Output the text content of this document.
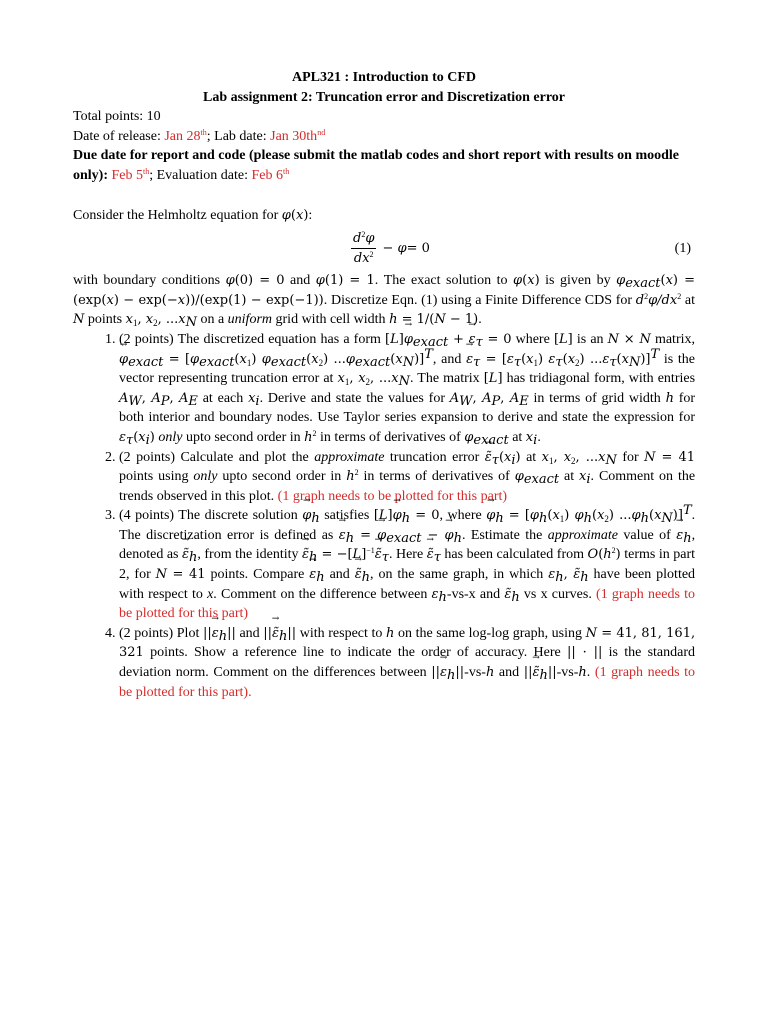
APL321 : Introduction to CFD
Lab assignment 2: Truncation error and Discretization error
Total points: 10
Date of release: Jan 28th; Lab date: Jan $30th^{nd}$
Due date for report and code (please submit the matlab codes and short report with results on moodle only): Feb 5th; Evaluation date: Feb 6th
Consider the Helmholtz equation for φ(x):
$\frac{d^2\varphi}{dx^2} - \varphi = 0$	(1)
with boundary conditions φ(0) = 0 and φ(1) = 1. The exact solution to φ(x) is given by $\varphi_{exact}(x) = (\exp(x) - \exp(-x))/(\exp(1) - \exp(-1))$. Discretize Eqn. (1) using a Finite Difference CDS for $d^2\varphi/dx^2$ at N points $x_1$, $x_2$, $...x_N$ on a uniform grid with cell width h = 1/(N − 1).
1. (2 points) The discretized equation has a form $[L]\to \varphi_{exact}$ + → $\varepsilon_\tau = 0$ where [L] is an N × N matrix, → $\varphi_{exact} = [\varphi_{exact}(x_1)$ $\varphi_{exact}(x_2)$ $...\varphi_{exact}(x_N)]^T$, and → $\varepsilon_\tau = [\varepsilon_\tau(x_1)$ $\varepsilon_\tau(x_2)$ $...\varepsilon_\tau(x_N)]^T$ is the vector representing truncation error at $x_1$, $x_2$, $...x_N$. The matrix [L] has tridiagonal form, with entries $A_W$, $A_P$, $A_E$ at each $x_i$. Derive and state the values for $A_W$, $A_P$, $A_E$ in terms of grid width h for both interior and boundary nodes. Use Taylor series expansion to derive and state the expression for $\varepsilon_\tau(x_i)$ only upto second order in $h^2$ in terms of derivatives of $\varphi_{exact}$ at $x_i$.
2. (2 points) Calculate and plot the approximate truncation error → $\varepsiloñ_\tau(x_i)$ at $x_1$, $x_2$, $...x_N$ for N = 41 points using only upto second order in $h^2$ in terms of derivatives of $\varphi_{exact}$ at $x_i$. Comment on the trends observed in this plot. (1 graph needs to be plotted for this part)
3. (4 points) The discrete solution → $\varphi_h$ satisfies $[L]\to \varphi_h = 0$, where → $\varphi_h = [\varphi_h(x_1)$ $\varphi_h(x_2)$ $...\varphi_h(x_N)]^T$. The discretization error is defined as → $\varepsilon_h$ = → $\varphi_{exact}$ − → $\varphi_h$. Estimate the approximate value of → $\varepsilon_h$, denoted as → $\varepsiloñ_h$, from the identity → $\varepsiloñ_h = -[L]^{-1}\to$ $\varepsiloñ_\tau$. Here → $\varepsiloñ_\tau$ has been calculated from $O(h^2)$ terms in part 2, for N = 41 points. Compare → $\varepsilon_h$ and → $\varepsiloñ_h$, on the same graph, in which $\varepsilon_h$, $\varepsiloñ_h$ have been plotted with respect to x. Comment on the difference between $\varepsilon_h-vs-x$ and $\varepsiloñ_h$ vs x curves. (1 graph needs to be plotted for this part)
4. (2 points) Plot ||→ $\varepsilon_h||$ and ||→ $\varepsiloñ_h||$ with respect to h on the same log-log graph, using N = 41, 81, 161, 321 points. Show a reference line to indicate the order of accuracy. Here || · || is the standard deviation norm. Comment on the differences between ||→ $\varepsilon_h||-vs-h$ and ||→ $\varepsiloñ_h||-vs-h$. (1 graph needs to be plotted for this part).
